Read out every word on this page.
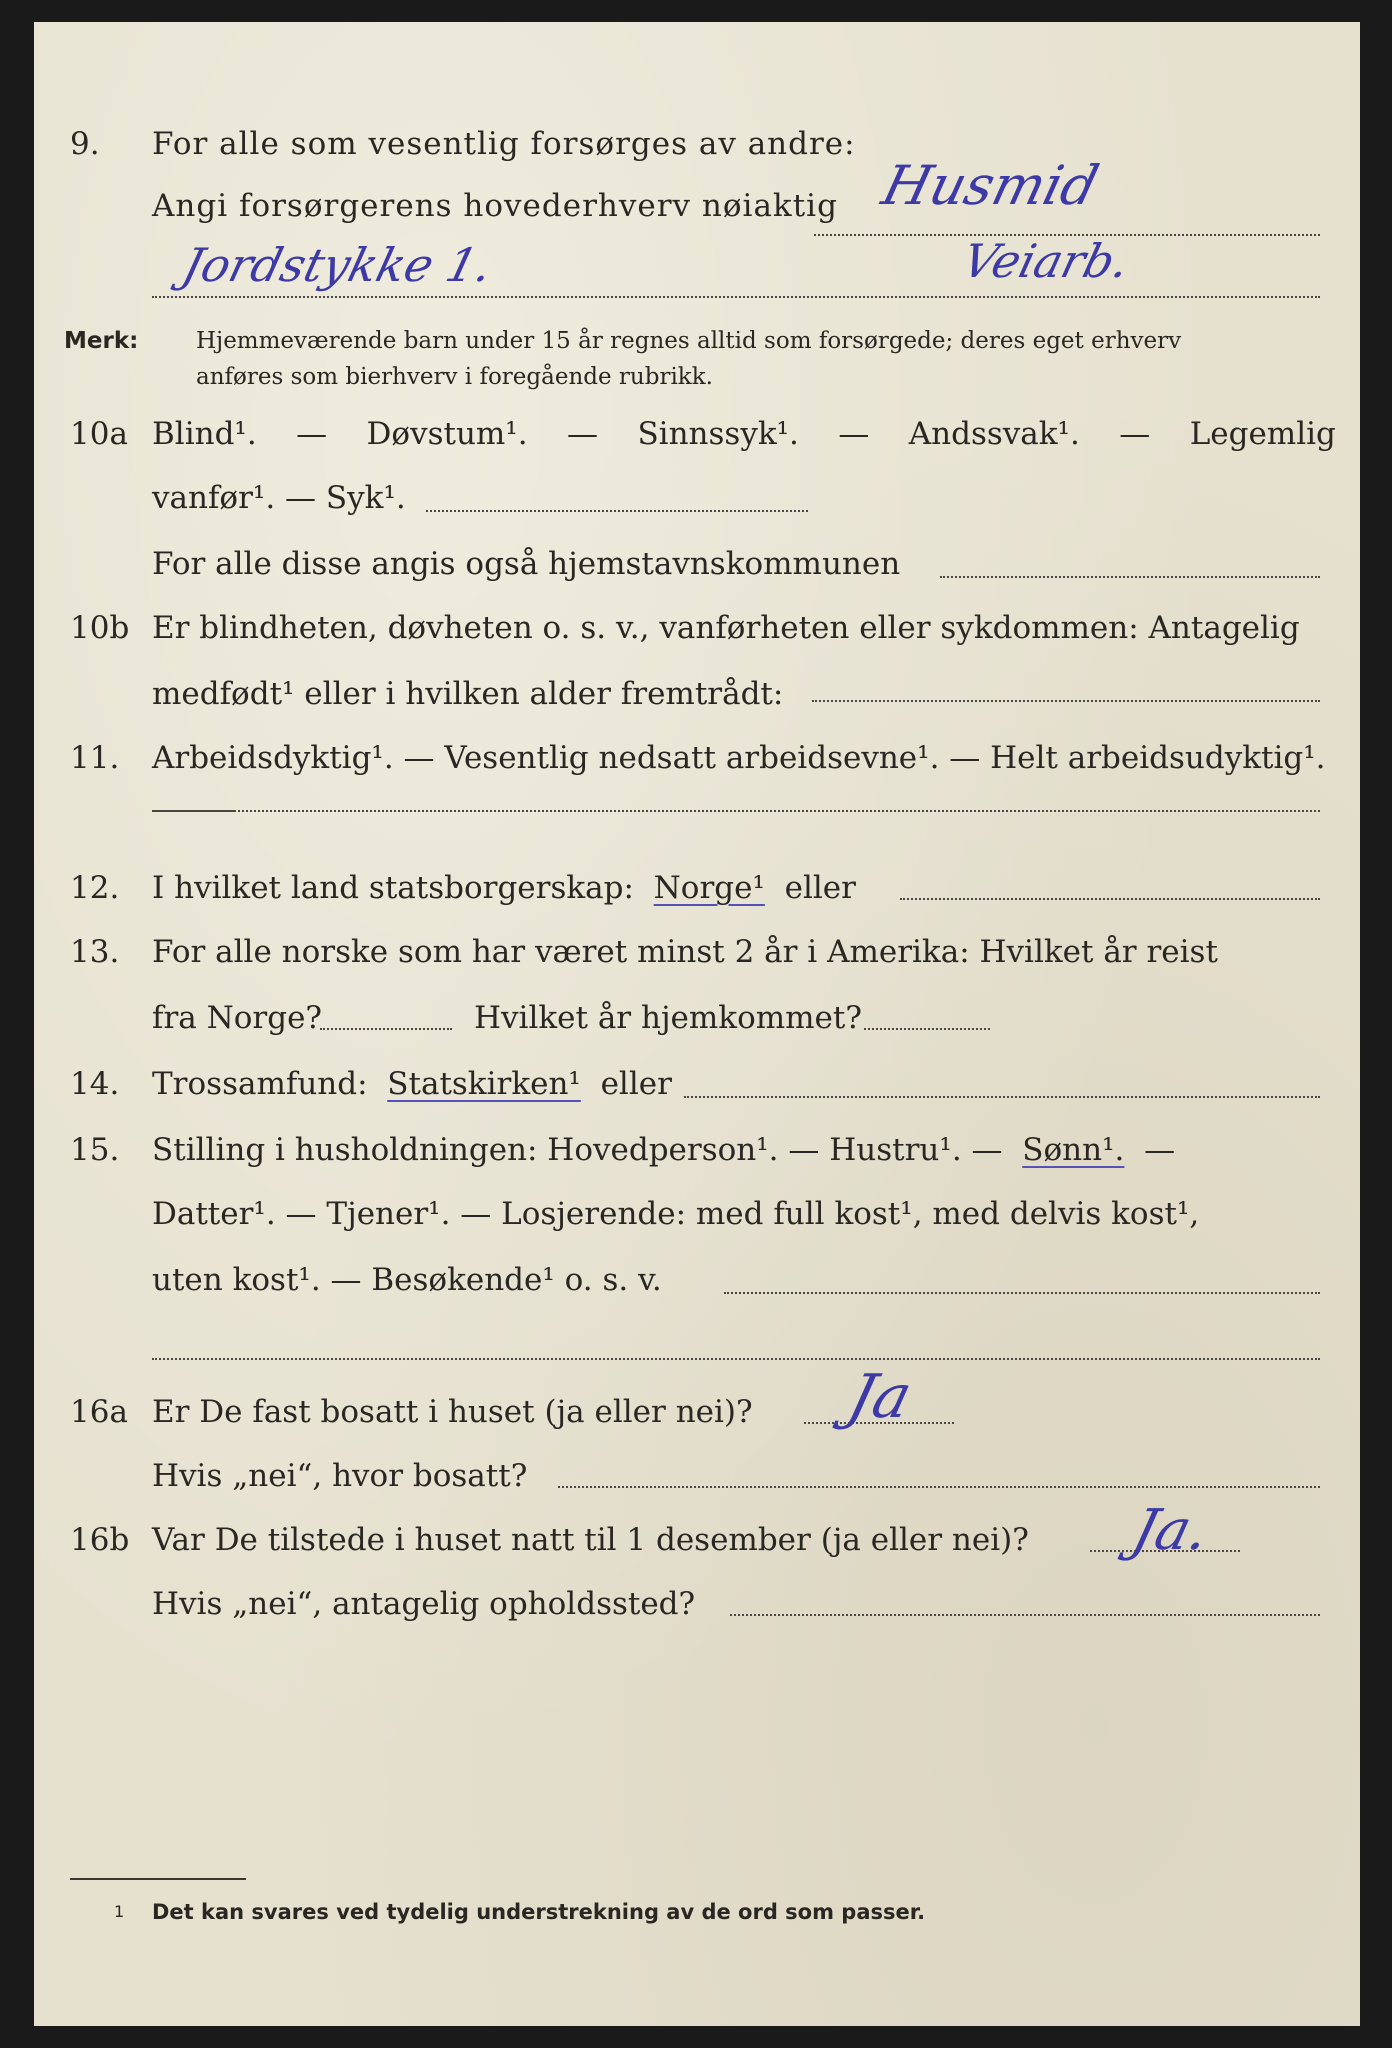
9. For alle som vesentlig forsørges av andre:
Angi forsørgerens hovederhverv nøiaktig Husmid
Jordstykke 1.	Veiarb.
Merk:	Hjemmeværende barn under 15 år regnes alltid som forsørgede; deres eget erhverv
anføres som bierhverv i foregående rubrikk.
10a Blind¹. — Døvstum¹. — Sinnssyk¹. — Andssvak¹. — Legemlig
vanfør¹. — Syk¹.
For alle disse angis også hjemstavnskommunen
10b Er blindheten, døvheten o. s. v., vanførheten eller sykdommen: Antagelig
medfødt¹ eller i hvilken alder fremtrådt:
11. Arbeidsdyktig¹. — Vesentlig nedsatt arbeidsevne¹. — Helt arbeidsudyktig¹.
12. I hvilket land statsborgerskap: Norge¹ eller
13. For alle norske som har været minst 2 år i Amerika: Hvilket år reist
fra Norge?	Hvilket år hjemkommet?
14. Trossamfund: Statskirken¹ eller
15. Stilling i husholdningen: Hovedperson¹. — Hustru¹. — Sønn¹. —
Datter¹. — Tjener¹. — Losjerende: med full kost¹, med delvis kost¹,
uten kost¹. — Besøkende¹ o. s. v.
16a Er De fast bosatt i huset (ja eller nei)? Ja
Hvis „nei“, hvor bosatt?
16b Var De tilstede i huset natt til 1 desember (ja eller nei)? Ja.
Hvis „nei“, antagelig opholdssted?
1 Det kan svares ved tydelig understrekning av de ord som passer.
